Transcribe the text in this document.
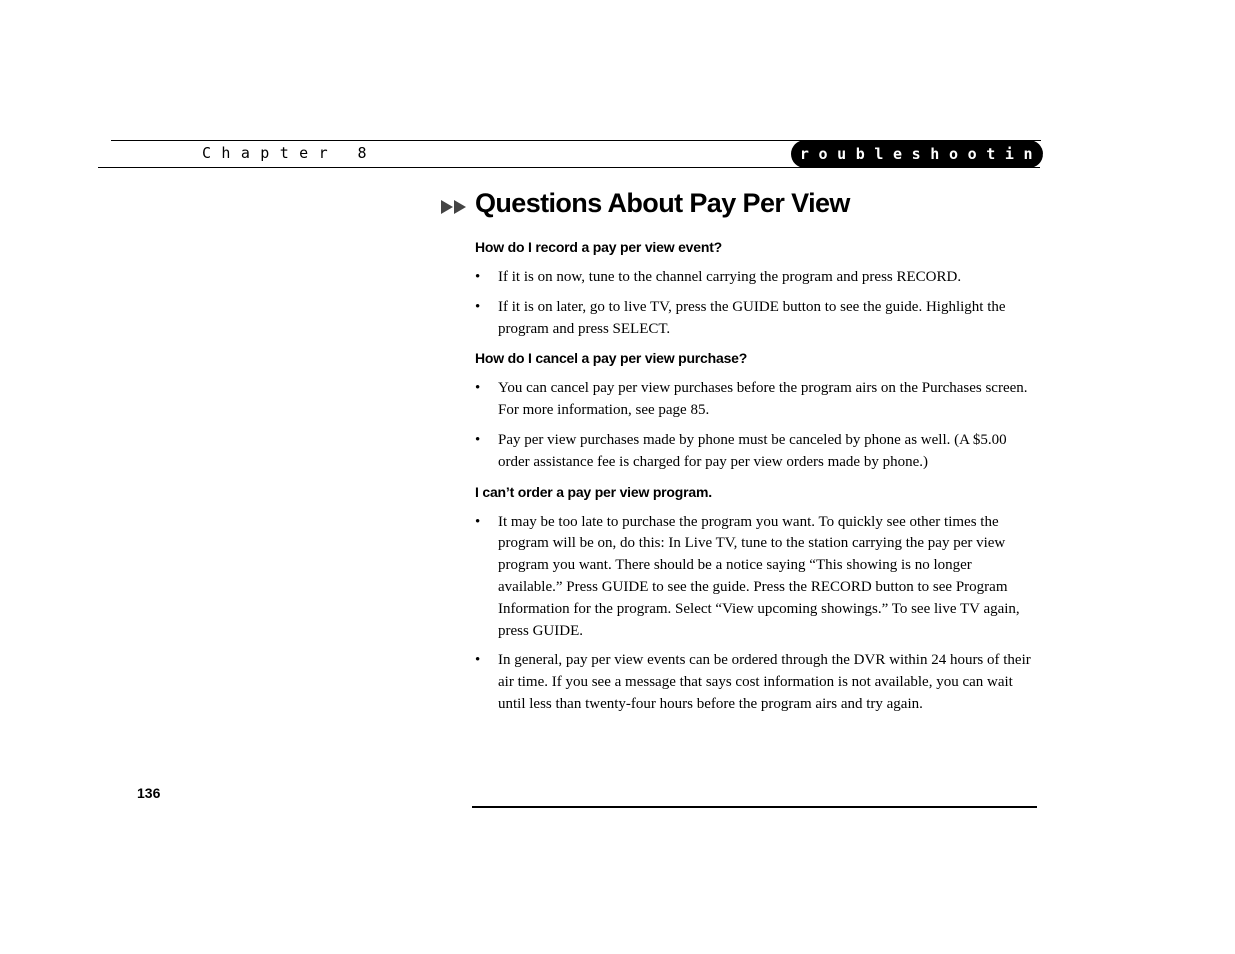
Chapter 8	Troubleshooting
Questions About Pay Per View

How do I record a pay per view event?

• If it is on now, tune to the channel carrying the program and press RECORD.
• If it is on later, go to live TV, press the GUIDE button to see the guide. Highlight the program and press SELECT.

How do I cancel a pay per view purchase?

• You can cancel pay per view purchases before the program airs on the Purchases screen. For more information, see page 85.
• Pay per view purchases made by phone must be canceled by phone as well. (A $5.00 order assistance fee is charged for pay per view orders made by phone.)

I can’t order a pay per view program.

• It may be too late to purchase the program you want. To quickly see other times the program will be on, do this: In Live TV, tune to the station carrying the pay per view program you want. There should be a notice saying “This showing is no longer available.” Press GUIDE to see the guide. Press the RECORD button to see Program Information for the program. Select “View upcoming showings.” To see live TV again, press GUIDE.
• In general, pay per view events can be ordered through the DVR within 24 hours of their air time. If you see a message that says cost information is not available, you can wait until less than twenty-four hours before the program airs and try again.
136
